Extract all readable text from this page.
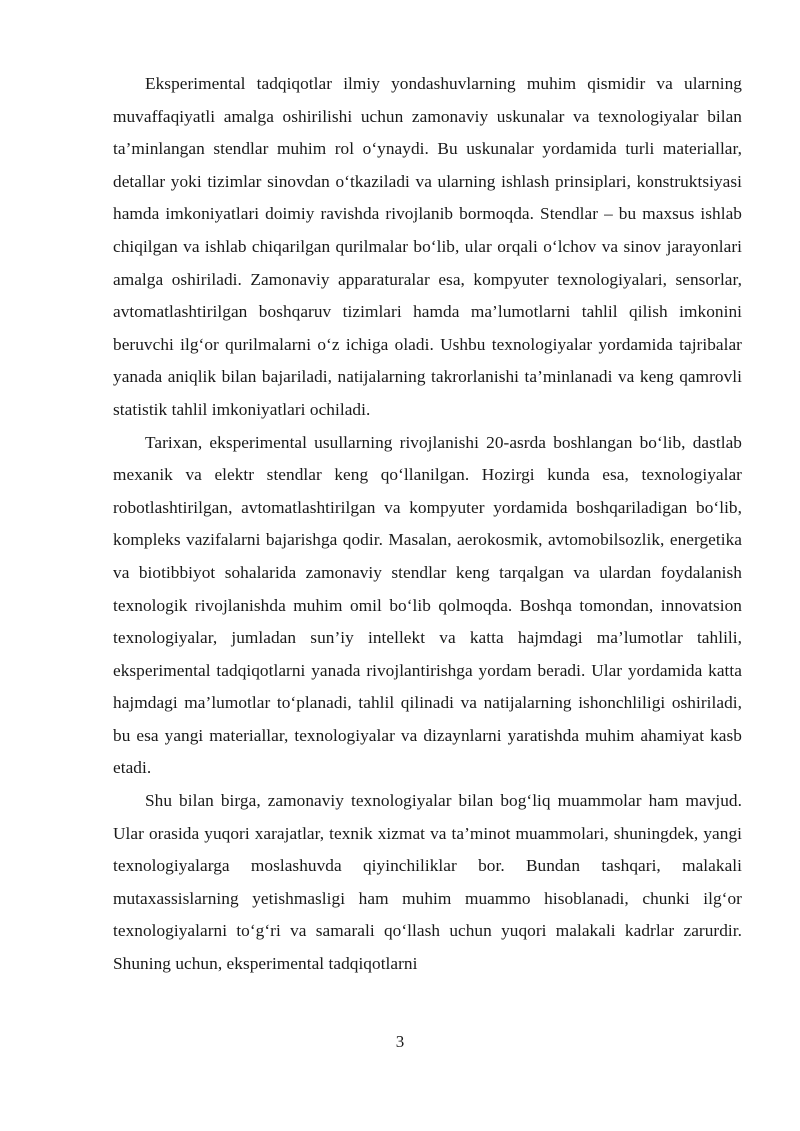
Eksperimental tadqiqotlar ilmiy yondashuvlarning muhim qismidir va ularning muvaffaqiyatli amalga oshirilishi uchun zamonaviy uskunalar va texnologiyalar bilan ta’minlangan stendlar muhim rol o‘ynaydi. Bu uskunalar yordamida turli materiallar, detallar yoki tizimlar sinovdan o‘tkaziladi va ularning ishlash prinsiplari, konstruktsiyasi hamda imkoniyatlari doimiy ravishda rivojlanib bormoqda. Stendlar – bu maxsus ishlab chiqilgan va ishlab chiqarilgan qurilmalar bo‘lib, ular orqali o‘lchov va sinov jarayonlari amalga oshiriladi. Zamonaviy apparaturalar esa, kompyuter texnologiyalari, sensorlar, avtomatlashtirilgan boshqaruv tizimlari hamda ma’lumotlarni tahlil qilish imkonini beruvchi ilg‘or qurilmalarni o‘z ichiga oladi. Ushbu texnologiyalar yordamida tajribalar yanada aniqlik bilan bajariladi, natijalarning takrorlanishi ta’minlanadi va keng qamrovli statistik tahlil imkoniyatlari ochiladi.

Tarixan, eksperimental usullarning rivojlanishi 20-asrda boshlangan bo‘lib, dastlab mexanik va elektr stendlar keng qo‘llanilgan. Hozirgi kunda esa, texnologiyalar robotlashtirilgan, avtomatlashtirilgan va kompyuter yordamida boshqariladigan bo‘lib, kompleks vazifalarni bajarishga qodir. Masalan, aerokosmik, avtomobilsozlik, energetika va biotibbiyot sohalarida zamonaviy stendlar keng tarqalgan va ulardan foydalanish texnologik rivojlanishda muhim omil bo‘lib qolmoqda. Boshqa tomondan, innovatsion texnologiyalar, jumladan sun’iy intellekt va katta hajmdagi ma’lumotlar tahlili, eksperimental tadqiqotlarni yanada rivojlantirishga yordam beradi. Ular yordamida katta hajmdagi ma’lumotlar to‘planadi, tahlil qilinadi va natijalarning ishonchliligi oshiriladi, bu esa yangi materiallar, texnologiyalar va dizaynlarni yaratishda muhim ahamiyat kasb etadi.

Shu bilan birga, zamonaviy texnologiyalar bilan bog‘liq muammolar ham mavjud. Ular orasida yuqori xarajatlar, texnik xizmat va ta’minot muammolari, shuningdek, yangi texnologiyalarga moslashuvda qiyinchiliklar bor. Bundan tashqari, malakali mutaxassislarning yetishmasligi ham muhim muammo hisoblanadi, chunki ilg‘or texnologiyalarni to‘g‘ri va samarali qo‘llash uchun yuqori malakali kadrlar zarurdir. Shuning uchun, eksperimental tadqiqotlarni

3
